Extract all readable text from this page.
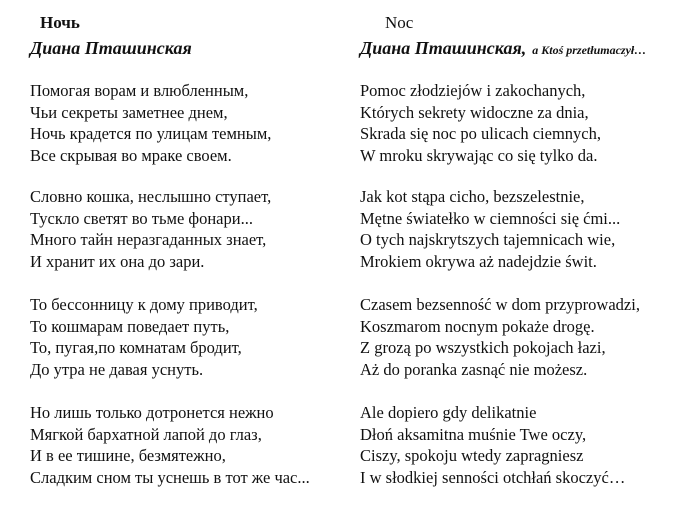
Ночь
Диана Пташинская
Помогая ворам и влюбленным,
Чьи секреты заметнее днем,
Ночь крадется по улицам темным,
Все скрывая во мраке своем.
Словно кошка, неслышно ступает,
Тускло светят во тьме фонари...
Много тайн неразгаданных знает,
И хранит их она до зари.
То бессонницу к дому приводит,
То кошмарам поведает путь,
То, пугая,по комнатам бродит,
До утра не давая уснуть.
Но лишь только дотронется нежно
Мягкой бархатной лапой до глаз,
И в ее тишине, безмятежно,
Сладким сном ты уснешь в тот же час...
Noc
Диана Пташинская, a Ktoś przetłumaczył…
Pomoc złodziejów i zakochanych,
Których sekrety widoczne za dnia,
Skrada się noc po ulicach ciemnych,
W mroku skrywając co się tylko da.
Jak kot stąpa cicho, bezszelestnie,
Mętne światełko w ciemności się ćmi...
O tych najskrytszych tajemnicach wie,
Mrokiem okrywa aż nadejdzie świt.
Czasem bezsenność w dom przyprowadzi,
Koszmarom nocnym pokaże drogę.
Z grozą po wszystkich pokojach łazi,
Aż do poranka zasnąć nie możesz.
Ale dopiero gdy delikatnie
Dłoń aksamitna muśnie Twe oczy,
Ciszy, spokoju wtedy zapragniesz
I w słodkiej senności otchłań skoczyć…
